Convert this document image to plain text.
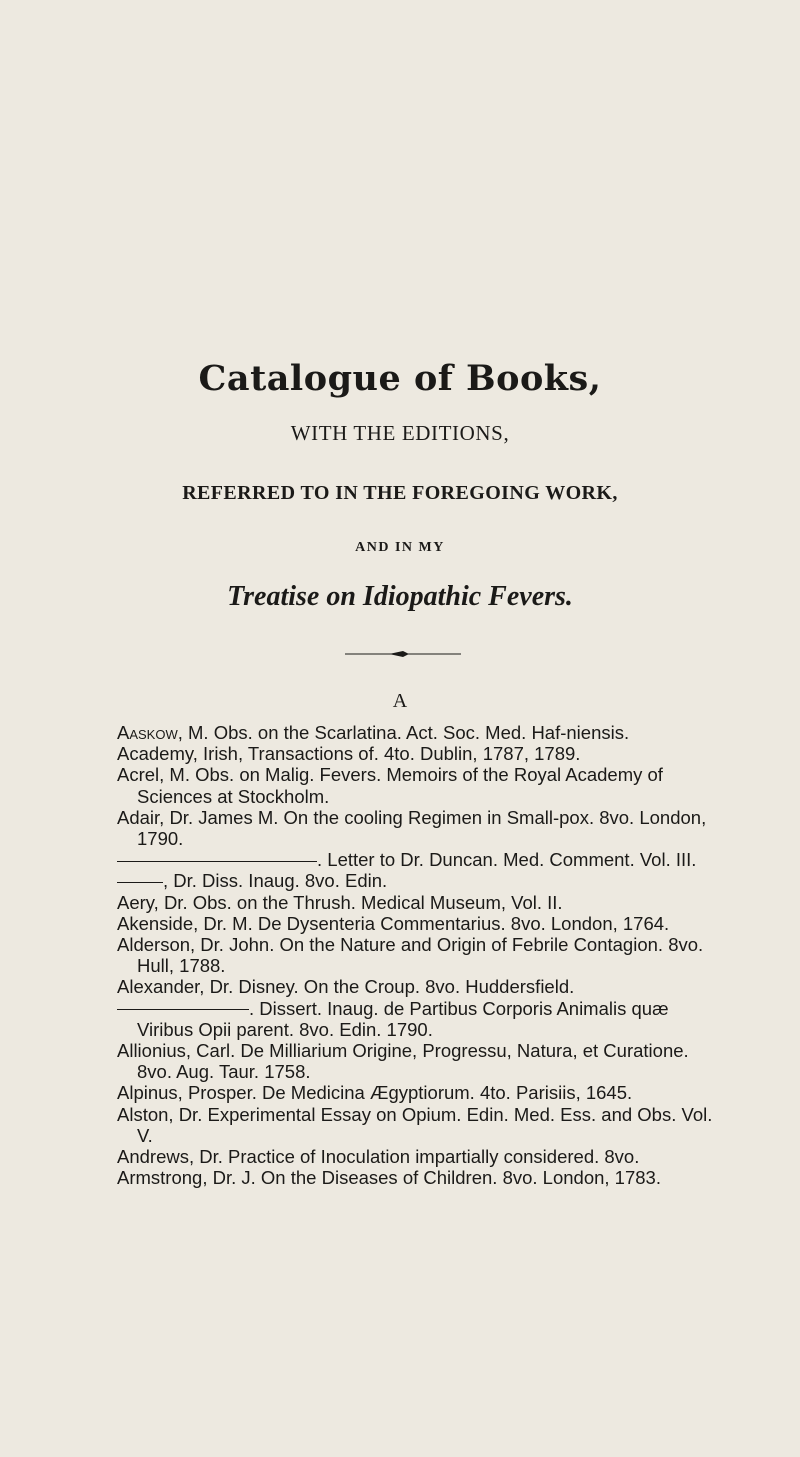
Catalogue of Books,
WITH THE EDITIONS,
REFERRED TO IN THE FOREGOING WORK,
AND IN MY
Treatise on Idiopathic Fevers.
A

Aaskow, M. Obs. on the Scarlatina. Act. Soc. Med. Haf-niensis.

Academy, Irish, Transactions of. 4to. Dublin, 1787, 1789.

Acrel, M. Obs. on Malig. Fevers. Memoirs of the Royal Academy of Sciences at Stockholm.

Adair, Dr. James M. On the cooling Regimen in Small-pox. 8vo. London, 1790.

. Letter to Dr. Duncan. Med. Comment. Vol. III.

, Dr. Diss. Inaug. 8vo. Edin.

Aery, Dr. Obs. on the Thrush. Medical Museum, Vol. II.

Akenside, Dr. M. De Dysenteria Commentarius. 8vo. London, 1764.

Alderson, Dr. John. On the Nature and Origin of Febrile Contagion. 8vo. Hull, 1788.

Alexander, Dr. Disney. On the Croup. 8vo. Huddersfield.

. Dissert. Inaug. de Partibus Corporis Animalis quæ Viribus Opii parent. 8vo. Edin. 1790.

Allionius, Carl. De Milliarium Origine, Progressu, Natura, et Curatione. 8vo. Aug. Taur. 1758.

Alpinus, Prosper. De Medicina Ægyptiorum. 4to. Parisiis, 1645.

Alston, Dr. Experimental Essay on Opium. Edin. Med. Ess. and Obs. Vol. V.

Andrews, Dr. Practice of Inoculation impartially considered. 8vo.

Armstrong, Dr. J. On the Diseases of Children. 8vo. London, 1783.
